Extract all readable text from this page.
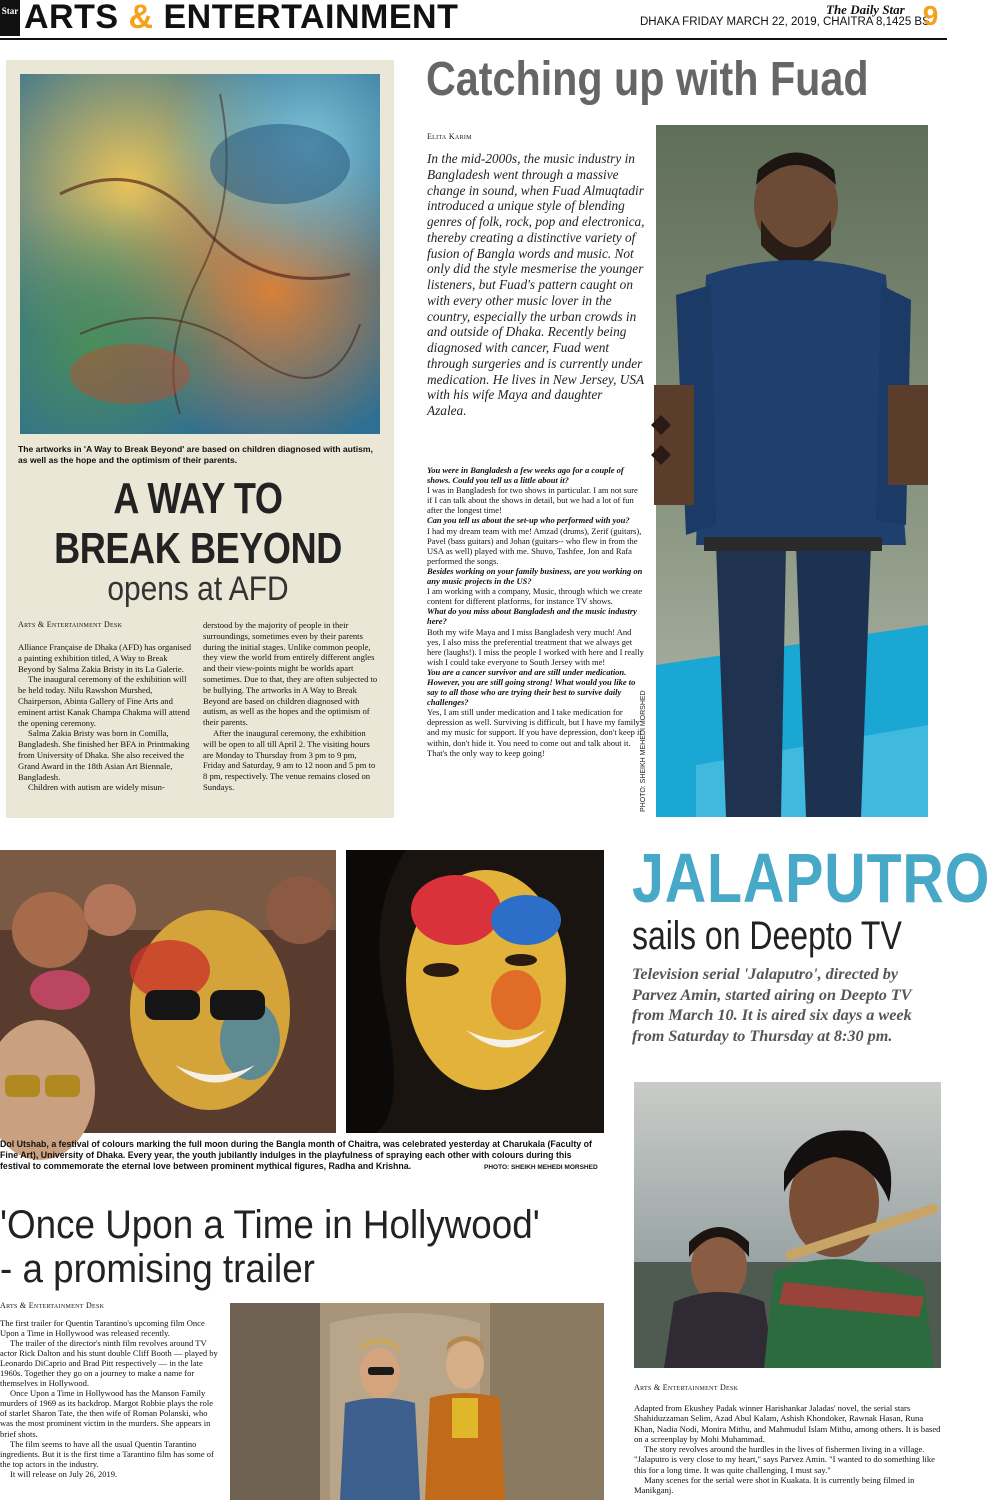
Star ARTS & ENTERTAINMENT	DHAKA FRIDAY MARCH 22, 2019, CHAITRA 8,1425 BS
The Daily Star 9
The artworks in 'A Way to Break Beyond' are based on children diagnosed with autism, as well as the hope and the optimism of their parents.
A WAY TO BREAK BEYOND
opens at AFD
Arts & Entertainment Desk

Alliance Française de Dhaka (AFD) has organised a painting exhibition titled, A Way to Break Beyond by Salma Zakia Bristy in its La Galerie.

The inaugural ceremony of the exhibition will be held today. Nilu Rawshon Murshed, Chairperson, Abinta Gallery of Fine Arts and eminent artist Kanak Champa Chakma will attend the opening ceremony.

Salma Zakia Bristy was born in Comilla, Bangladesh. She finished her BFA in Printmaking from University of Dhaka. She also received the Grand Award in the 18th Asian Art Biennale, Bangladesh.

Children with autism are widely misun-

derstood by the majority of people in their surroundings, sometimes even by their parents during the initial stages. Unlike common people, they view the world from entirely different angles and their view-points might be worlds apart sometimes. Due to that, they are often subjected to be bullying. The artworks in A Way to Break Beyond are based on children diagnosed with autism, as well as the hopes and the optimism of their parents.

After the inaugural ceremony, the exhibition will be open to all till April 2. The visiting hours are Monday to Thursday from 3 pm to 9 pm, Friday and Saturday, 9 am to 12 noon and 5 pm to 8 pm, respectively. The venue remains closed on Sundays.

Catching up with Fuad
Elita Karim
In the mid-2000s, the music industry in Bangladesh went through a massive change in sound, when Fuad Almuqtadir introduced a unique style of blending genres of folk, rock, pop and electronica, thereby creating a distinctive variety of fusion of Bangla words and music. Not only did the style mesmerise the younger listeners, but Fuad's pattern caught on with every other music lover in the country, especially the urban crowds in and outside of Dhaka. Recently being diagnosed with cancer, Fuad went through surgeries and is currently under medication. He lives in New Jersey, USA with his wife Maya and daughter Azalea.
You were in Bangladesh a few weeks ago for a couple of shows. Could you tell us a little about it?
I was in Bangladesh for two shows in particular. I am not sure if I can talk about the shows in detail, but we had a lot of fun after the longest time!
Can you tell us about the set-up who performed with you?
I had my dream team with me! Amzad (drums), Zerif (guitars), Pavel (bass guitars) and Johan (guitars-- who flew in from the USA as well) played with me. Shuvo, Tashfee, Jon and Rafa performed the songs.
Besides working on your family business, are you working on any music projects in the US?
I am working with a company, Music, through which we create content for different platforms, for instance TV shows.
What do you miss about Bangladesh and the music industry here?
Both my wife Maya and I miss Bangladesh very much! And yes, I also miss the preferential treatment that we always get here (laughs!). I miss the people I worked with here and I really wish I could take everyone to South Jersey with me!
You are a cancer survivor and are still under medication. However, you are still going strong! What would you like to say to all those who are trying their best to survive daily challenges?
Yes, I am still under medication and I take medication for depression as well. Surviving is difficult, but I have my family and my music for support. If you have depression, don't keep it within, don't hide it. You need to come out and talk about it. That's the only way to keep going!	PHOTO: SHEIKH MEHEDI MORSHED
Dol Utshab, a festival of colours marking the full moon during the Bangla month of Chaitra, was celebrated yesterday at Charukala (Faculty of Fine Art), University of Dhaka. Every year, the youth jubilantly indulges in the playfulness of spraying each other with colours during this festival to commemorate the eternal love between prominent mythical figures, Radha and Krishna.	PHOTO: SHEIKH MEHEDI MORSHED
JALAPUTRO
sails on Deepto TV
Television serial 'Jalaputro', directed by Parvez Amin, started airing on Deepto TV from March 10. It is aired six days a week from Saturday to Thursday at 8:30 pm.
Arts & Entertainment Desk

Adapted from Ekushey Padak winner Harishankar Jaladas' novel, the serial stars Shahiduzzaman Selim, Azad Abul Kalam, Ashish Khondoker, Rawnak Hasan, Runa Khan, Nadia Nodi, Monira Mithu, and Mahmudul Islam Mithu, among others. It is based on a screenplay by Mohi Muhammad.

The story revolves around the hurdles in the lives of fishermen living in a village. "Jalaputro is very close to my heart," says Parvez Amin. "I wanted to do something like this for a long time. It was quite challenging, I must say."

Many scenes for the serial were shot in Kuakata. It is currently being filmed in Manikganj.

'Once Upon a Time in Hollywood' - a promising trailer
Arts & Entertainment Desk

The first trailer for Quentin Tarantino's upcoming film Once Upon a Time in Hollywood was released recently.

The trailer of the director's ninth film revolves around TV actor Rick Dalton and his stunt double Cliff Booth — played by Leonardo DiCaprio and Brad Pitt respectively — in the late 1960s. Together they go on a journey to make a name for themselves in Hollywood.

Once Upon a Time in Hollywood has the Manson Family murders of 1969 as its backdrop. Margot Robbie plays the role of starlet Sharon Tate, the then wife of Roman Polanski, who was the most prominent victim in the murders. She appears in brief shots.

The film seems to have all the usual Quentin Tarantino ingredients. But it is the first time a Tarantino film has some of the top actors in the industry.

It will release on July 26, 2019.
